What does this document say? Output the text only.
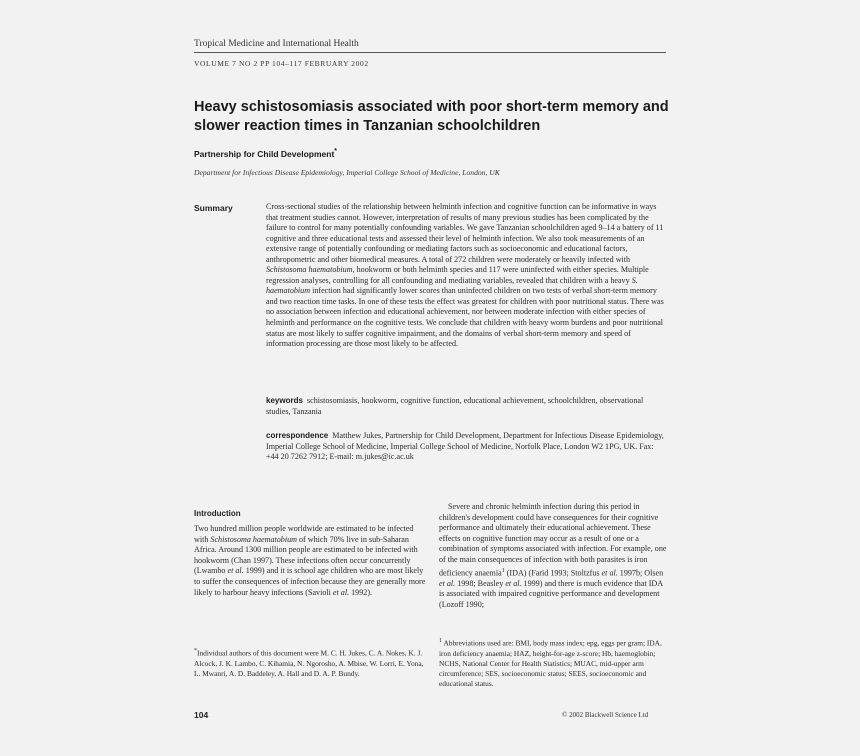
Tropical Medicine and International Health
VOLUME 7 NO 2 PP 104–117 FEBRUARY 2002
Heavy schistosomiasis associated with poor short-term memory and slower reaction times in Tanzanian schoolchildren
Partnership for Child Development*
Department for Infectious Disease Epidemiology, Imperial College School of Medicine, London, UK
Summary	Cross-sectional studies of the relationship between helminth infection and cognitive function can be informative in ways that treatment studies cannot. However, interpretation of results of many previous studies has been complicated by the failure to control for many potentially confounding variables. We gave Tanzanian schoolchildren aged 9–14 a battery of 11 cognitive and three educational tests and assessed their level of helminth infection. We also took measurements of an extensive range of potentially confounding or mediating factors such as socioeconomic and educational factors, anthropometric and other biomedical measures. A total of 272 children were moderately or heavily infected with Schistosoma haematobium, hookworm or both helminth species and 117 were uninfected with either species. Multiple regression analyses, controlling for all confounding and mediating variables, revealed that children with a heavy S. haematobium infection had significantly lower scores than uninfected children on two tests of verbal short-term memory and two reaction time tasks. In one of these tests the effect was greatest for children with poor nutritional status. There was no association between infection and educational achievement, nor between moderate infection with either species of helminth and performance on the cognitive tests. We conclude that children with heavy worm burdens and poor nutritional status are most likely to suffer cognitive impairment, and the domains of verbal short-term memory and speed of information processing are those most likely to be affected.
keywords schistosomiasis, hookworm, cognitive function, educational achievement, schoolchildren, observational studies, Tanzania
correspondence Matthew Jukes, Partnership for Child Development, Department for Infectious Disease Epidemiology, Imperial College School of Medicine, Imperial College School of Medicine, Norfolk Place, London W2 1PG, UK. Fax: +44 20 7262 7912; E-mail: m.jukes@ic.ac.uk
Introduction
Two hundred million people worldwide are estimated to be infected with Schistosoma haematobium of which 70% live in sub-Saharan Africa. Around 1300 million people are estimated to be infected with hookworm (Chan 1997). These infections often occur concurrently (Lwambo et al. 1999) and it is school age children who are most likely to suffer the consequences of infection because they are generally more likely to harbour heavy infections (Savioli et al. 1992).
*Individual authors of this document were M. C. H. Jukes, C. A. Nokes, K. J. Alcock, J. K. Lambo, C. Kihamia, N. Ngorosho, A. Mbise, W. Lorri, E. Yona, L. Mwanri, A. D. Baddeley, A. Hall and D. A. P. Bundy.
Severe and chronic helminth infection during this period in children's development could have consequences for their cognitive performance and ultimately their educational achievement. These effects on cognitive function may occur as a result of one or a combination of symptoms associated with infection. For example, one of the main consequences of infection with both parasites is iron deficiency anaemia$^1$ (IDA) (Farid 1993; Stoltzfus et al. 1997b; Olsen et al. 1998; Beasley et al. 1999) and there is much evidence that IDA is associated with impaired cognitive performance and development (Lozoff 1990;
$^1$ Abbreviations used are: BMI, body mass index; epg, eggs per gram; IDA, iron deficiency anaemia; HAZ, height-for-age z-score; Hb, haemoglobin; NCHS, National Center for Health Statistics; MUAC, mid-upper arm circumference; SES, socioeconomic status; SEES, socioeconomic and educational status.
104	© 2002 Blackwell Science Ltd
